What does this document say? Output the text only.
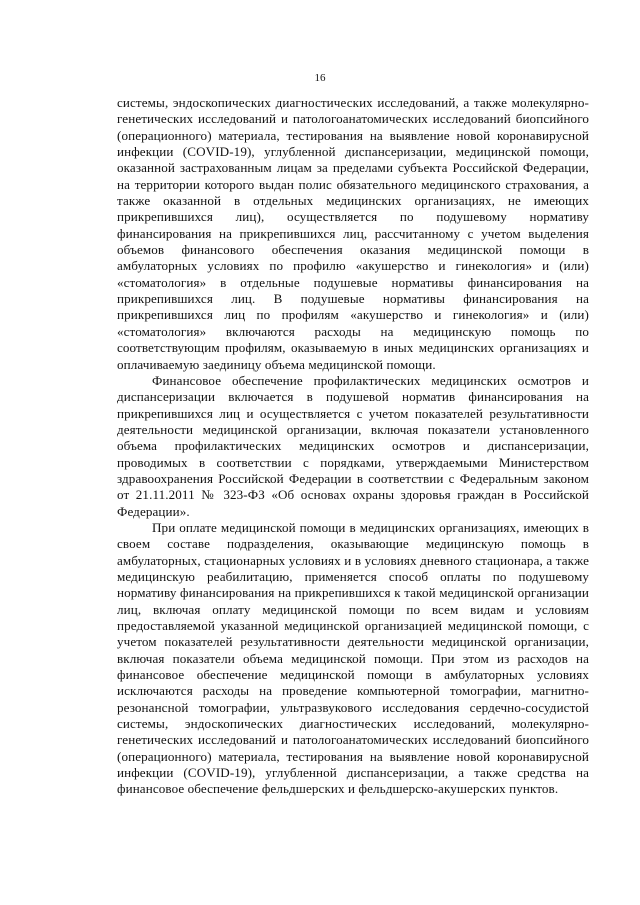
16

системы, эндоскопических диагностических исследований, а также молекулярно-генетических исследований и патологоанатомических исследований биопсийного (операционного) материала, тестирования на выявление новой коронавирусной инфекции (COVID-19), углубленной диспансеризации, медицинской помощи, оказанной застрахованным лицам за пределами субъекта Российской Федерации, на территории которого выдан полис обязательного медицинского страхования, а также оказанной в отдельных медицинских организациях, не имеющих прикрепившихся лиц), осуществляется по подушевому нормативу финансирования на прикрепившихся лиц, рассчитанному с учетом выделения объемов финансового обеспечения оказания медицинской помощи в амбулаторных условиях по профилю «акушерство и гинекология» и (или) «стоматология» в отдельные подушевые нормативы финансирования на прикрепившихся лиц. В подушевые нормативы финансирования на прикрепившихся лиц по профилям «акушерство и гинекология» и (или) «стоматология» включаются расходы на медицинскую помощь по соответствующим профилям, оказываемую в иных медицинских организациях и оплачиваемую заединицу объема медицинской помощи.

Финансовое обеспечение профилактических медицинских осмотров и диспансеризации включается в подушевой норматив финансирования на прикрепившихся лиц и осуществляется с учетом показателей результативности деятельности медицинской организации, включая показатели установленного объема профилактических медицинских осмотров и диспансеризации, проводимых в соответствии с порядками, утверждаемыми Министерством здравоохранения Российской Федерации в соответствии с Федеральным законом от 21.11.2011 № 323-ФЗ «Об основах охраны здоровья граждан в Российской Федерации».

При оплате медицинской помощи в медицинских организациях, имеющих в своем составе подразделения, оказывающие медицинскую помощь в амбулаторных, стационарных условиях и в условиях дневного стационара, а также медицинскую реабилитацию, применяется способ оплаты по подушевому нормативу финансирования на прикрепившихся к такой медицинской организации лиц, включая оплату медицинской помощи по всем видам и условиям предоставляемой указанной медицинской организацией медицинской помощи, с учетом показателей результативности деятельности медицинской организации, включая показатели объема медицинской помощи. При этом из расходов на финансовое обеспечение медицинской помощи в амбулаторных условиях исключаются расходы на проведение компьютерной томографии, магнитно-резонансной томографии, ультразвукового исследования сердечно-сосудистой системы, эндоскопических диагностических исследований, молекулярно-генетических исследований и патологоанатомических исследований биопсийного (операционного) материала, тестирования на выявление новой коронавирусной инфекции (COVID-19), углубленной диспансеризации, а также средства на финансовое обеспечение фельдшерских и фельдшерско-акушерских пунктов.
